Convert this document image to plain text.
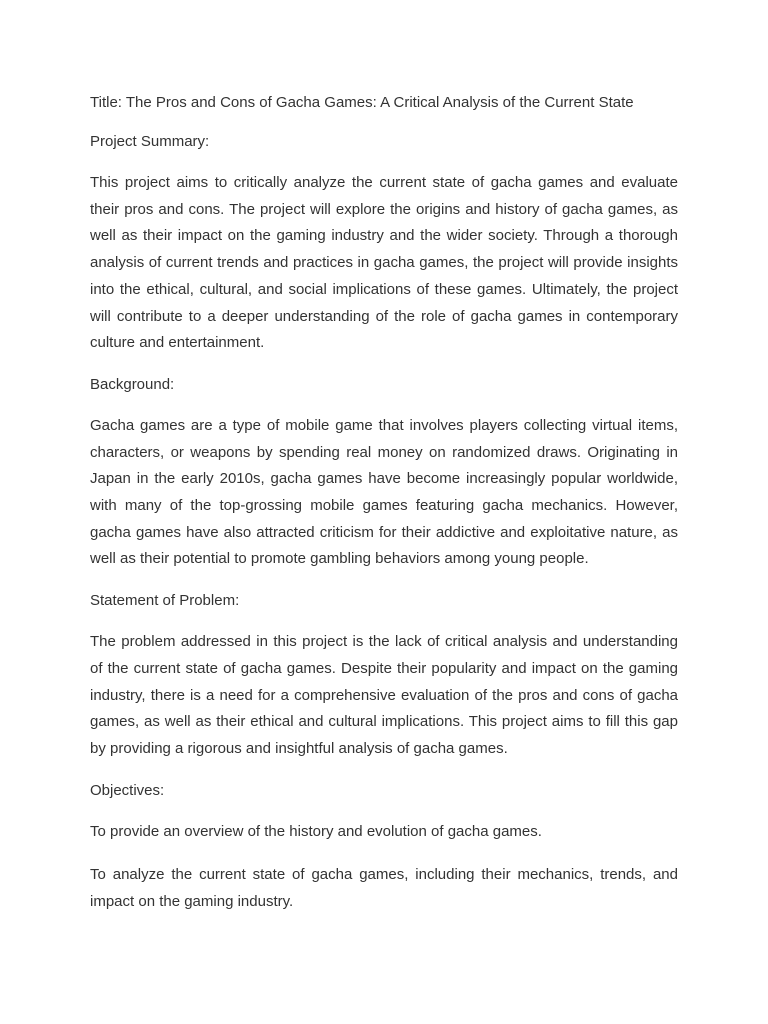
Title: The Pros and Cons of Gacha Games: A Critical Analysis of the Current State

Project Summary:

This project aims to critically analyze the current state of gacha games and evaluate their pros and cons. The project will explore the origins and history of gacha games, as well as their impact on the gaming industry and the wider society. Through a thorough analysis of current trends and practices in gacha games, the project will provide insights into the ethical, cultural, and social implications of these games. Ultimately, the project will contribute to a deeper understanding of the role of gacha games in contemporary culture and entertainment.

Background:

Gacha games are a type of mobile game that involves players collecting virtual items, characters, or weapons by spending real money on randomized draws. Originating in Japan in the early 2010s, gacha games have become increasingly popular worldwide, with many of the top-grossing mobile games featuring gacha mechanics. However, gacha games have also attracted criticism for their addictive and exploitative nature, as well as their potential to promote gambling behaviors among young people.

Statement of Problem:

The problem addressed in this project is the lack of critical analysis and understanding of the current state of gacha games. Despite their popularity and impact on the gaming industry, there is a need for a comprehensive evaluation of the pros and cons of gacha games, as well as their ethical and cultural implications. This project aims to fill this gap by providing a rigorous and insightful analysis of gacha games.

Objectives:

To provide an overview of the history and evolution of gacha games.

To analyze the current state of gacha games, including their mechanics, trends, and impact on the gaming industry.
